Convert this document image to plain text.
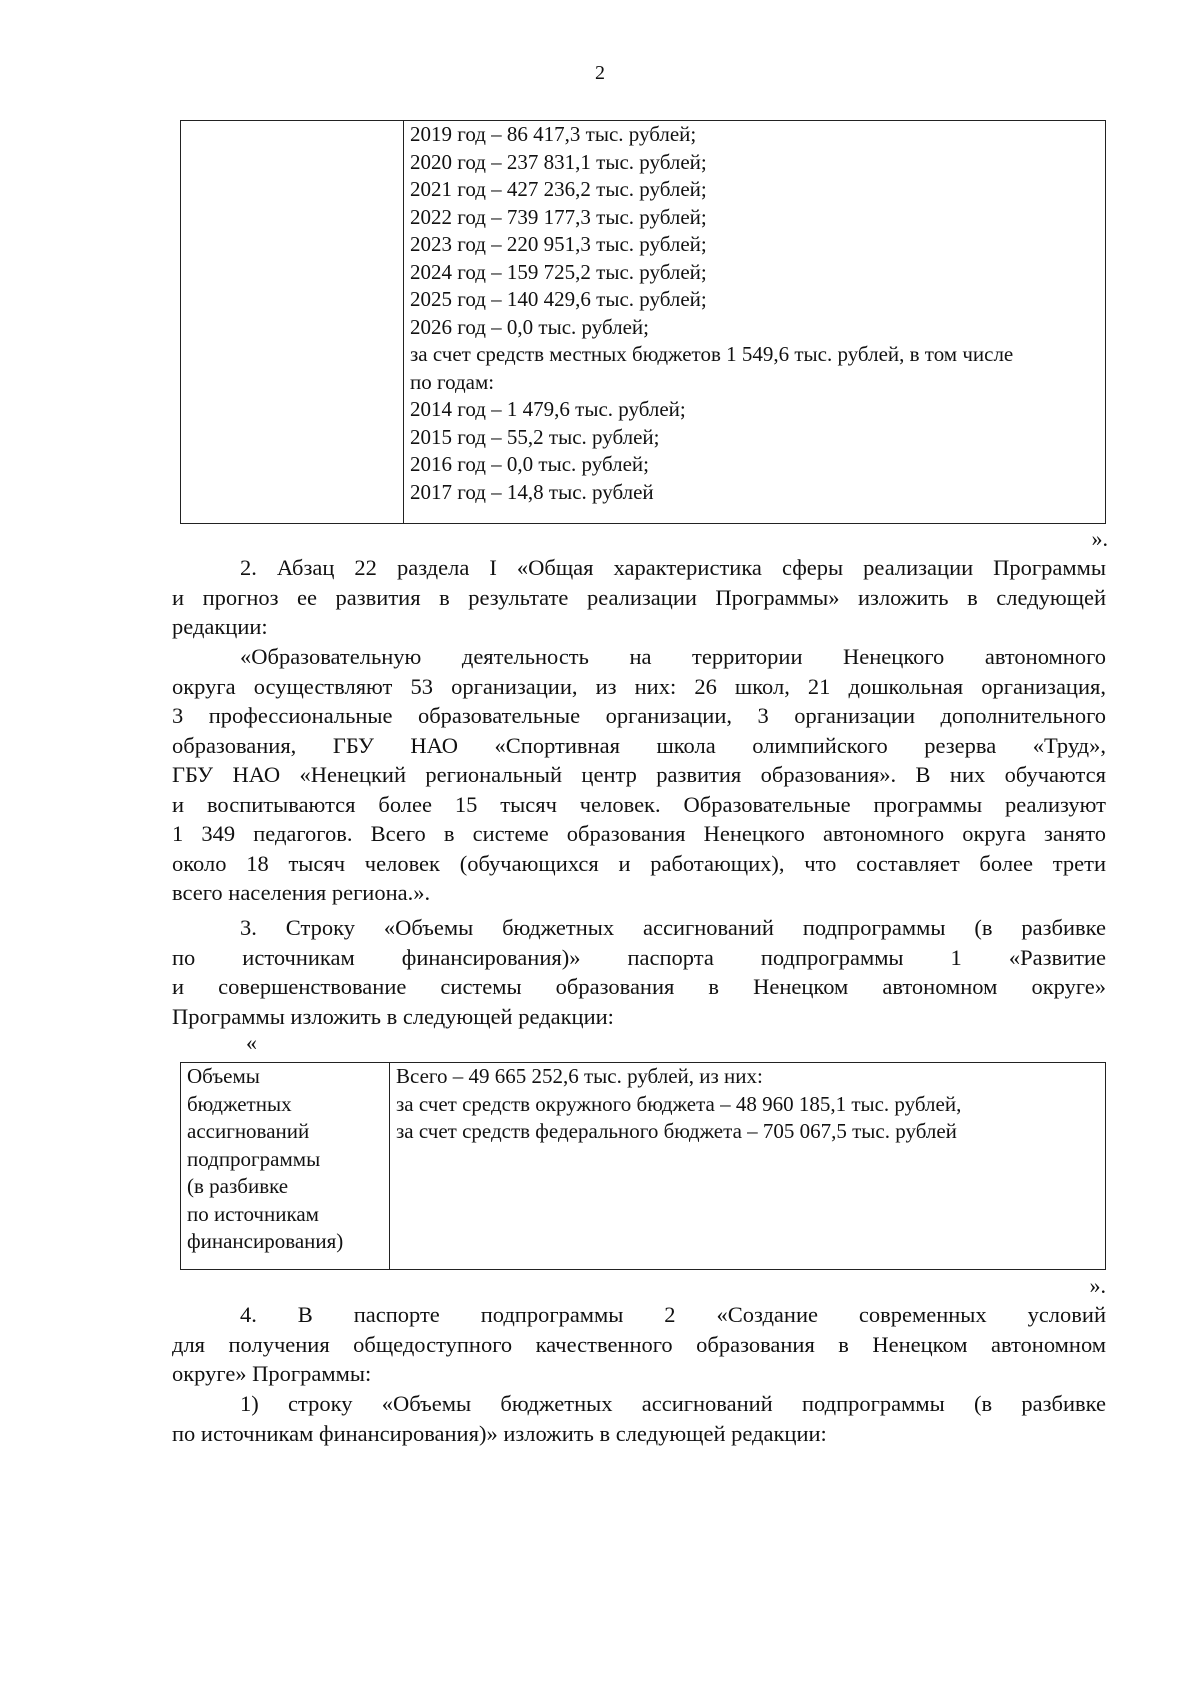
2

2019 год – 86 417,3 тыс. рублей;
2020 год – 237 831,1 тыс. рублей;
2021 год – 427 236,2 тыс. рублей;
2022 год – 739 177,3 тыс. рублей;
2023 год – 220 951,3 тыс. рублей;
2024 год – 159 725,2 тыс. рублей;
2025 год – 140 429,6 тыс. рублей;
2026 год – 0,0 тыс. рублей;
за счет средств местных бюджетов 1 549,6 тыс. рублей, в том числе
по годам:
2014 год – 1 479,6 тыс. рублей;
2015 год – 55,2 тыс. рублей;
2016 год – 0,0 тыс. рублей;
2017 год – 14,8 тыс. рублей
».
2. Абзац 22 раздела I «Общая характеристика сферы реализации Программы
и прогноз ее развития в результате реализации Программы» изложить в следующей
редакции:
«Образовательную деятельность на территории Ненецкого автономного
округа осуществляют 53 организации, из них: 26 школ, 21 дошкольная организация,
3 профессиональные образовательные организации, 3 организации дополнительного
образования, ГБУ НАО «Спортивная школа олимпийского резерва «Труд»,
ГБУ НАО «Ненецкий региональный центр развития образования». В них обучаются
и воспитываются более 15 тысяч человек. Образовательные программы реализуют
1 349 педагогов. Всего в системе образования Ненецкого автономного округа занято
около 18 тысяч человек (обучающихся и работающих), что составляет более трети
всего населения региона.».
3. Строку «Объемы бюджетных ассигнований подпрограммы (в разбивке
по источникам финансирования)» паспорта подпрограммы 1 «Развитие
и совершенствование системы образования в Ненецком автономном округе»
Программы изложить в следующей редакции:
«
Объемы
бюджетных
ассигнований
подпрограммы
(в разбивке
по источникам
финансирования)

Всего – 49 665 252,6 тыс. рублей, из них:
за счет средств окружного бюджета – 48 960 185,1 тыс. рублей,
за счет средств федерального бюджета – 705 067,5 тыс. рублей
».
4. В паспорте подпрограммы 2 «Создание современных условий
для получения общедоступного качественного образования в Ненецком автономном
округе» Программы:
1) строку «Объемы бюджетных ассигнований подпрограммы (в разбивке
по источникам финансирования)» изложить в следующей редакции:
